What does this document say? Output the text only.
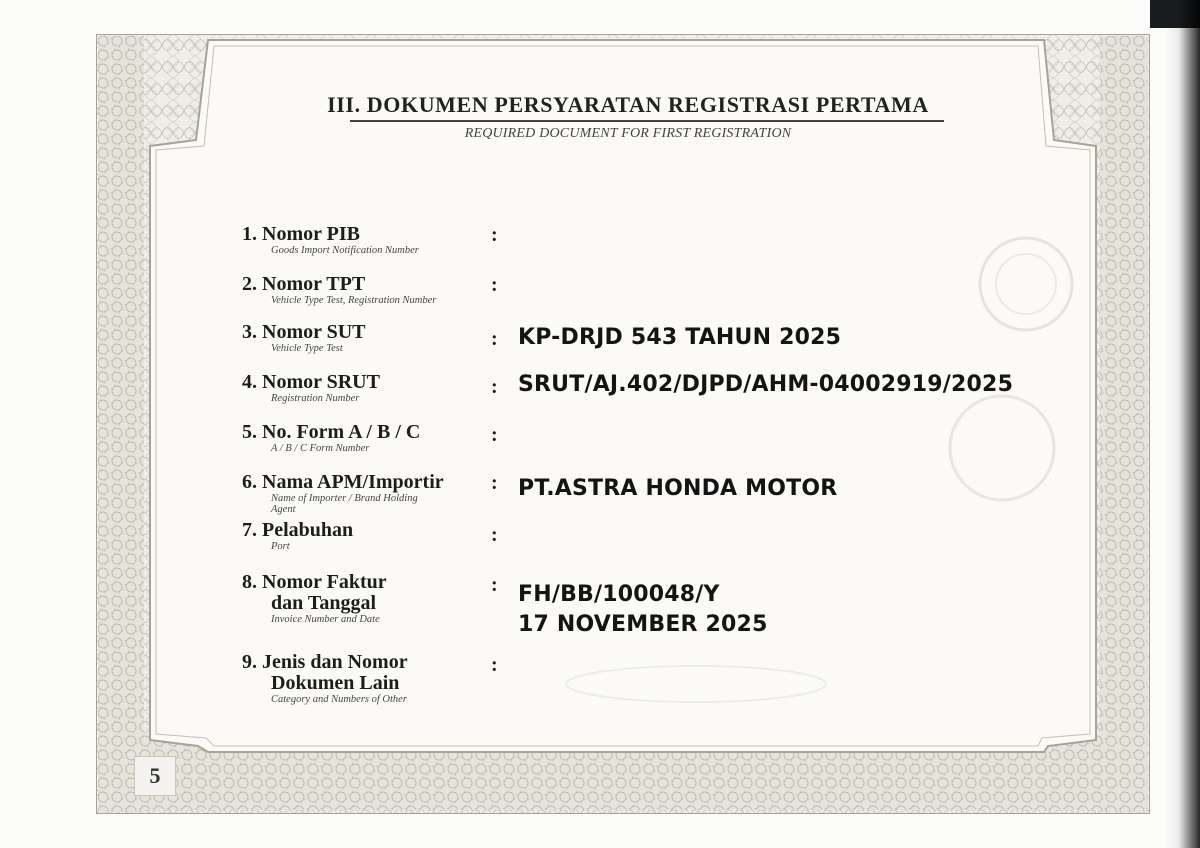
III. DOKUMEN PERSYARATAN REGISTRASI PERTAMA
REQUIRED DOCUMENT FOR FIRST REGISTRATION
1. Nomor PIB
Goods Import Notification Number
:
2. Nomor TPT
Vehicle Type Test, Registration Number
:
3. Nomor SUT
Vehicle Type Test	: KP-DRJD 543 TAHUN 2025
4. Nomor SRUT
Registration Number
: SRUT/AJ.402/DJPD/AHM-04002919/2025
5. No. Form A / B / C
A / B / C Form Number
:
6. Nama APM/Importir
Name of Importer / Brand Holding
Agent
: PT.ASTRA HONDA MOTOR
7. Pelabuhan
Port
:
8. Nomor Faktur
dan Tanggal
Invoice Number and Date
: FH/BB/100048/Y
17 NOVEMBER 2025
9. Jenis dan Nomor
Dokumen Lain
Category and Numbers of Other
:
5
